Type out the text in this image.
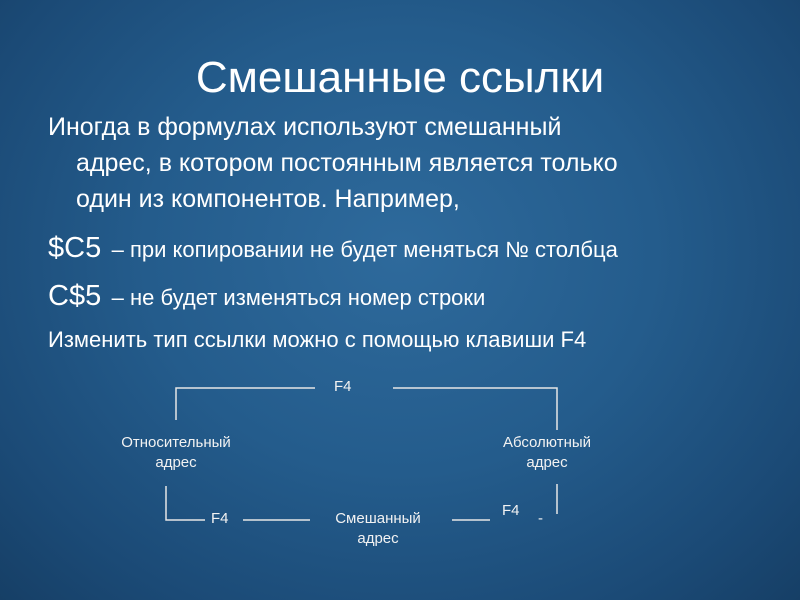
Смешанные ссылки
Иногда в формулах используют смешанный
адрес, в котором постоянным является только
один из компонентов. Например,
$C5 – при копировании не будет меняться № столбца
C$5 – не будет изменяться номер строки
Изменить тип ссылки можно с помощью клавиши F4
F4
Относительный
адрес
Абсолютный
адрес
Смешанный
адрес
F4	F4 -
